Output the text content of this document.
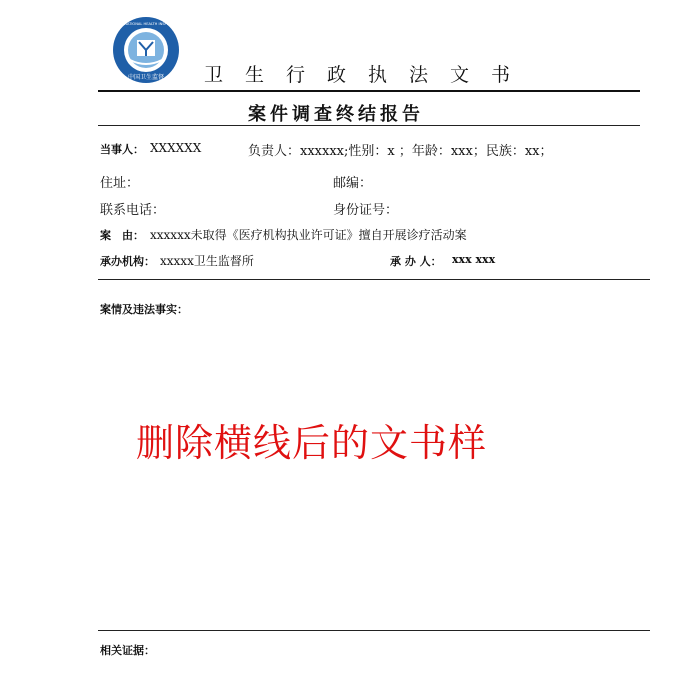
中国卫生监督
CHINA NATIONAL HEALTH INSPECTION
卫生行政执法文书
案件调查终结报告
当事人： XXXXXX	负责人：xxxxxx;性别：x ；年龄：xxx；民族：xx；
住址：	邮编：
联系电话：	身份证号：
案　由： xxxxxx未取得《医疗机构执业许可证》擅自开展诊疗活动案
承办机构： xxxxx卫生监督所	承 办 人： xxx xxx
案情及违法事实：
删除横线后的文书样
相关证据：
